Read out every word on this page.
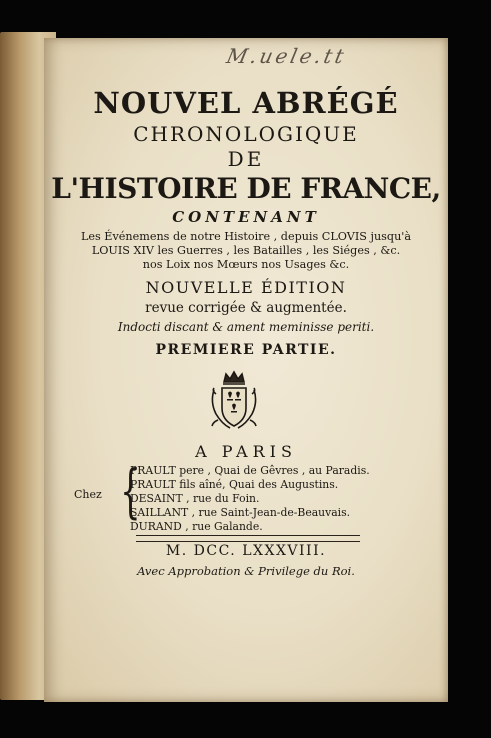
M.uele.tt
NOUVEL ABRÉGÉ
CHRONOLOGIQUE
DE
L'HISTOIRE DE FRANCE,
CONTENANT
Les Événemens de notre Histoire , depuis CLOVIS jusqu'à
LOUIS XIV les Guerres , les Batailles , les Siéges , &c.
nos Loix nos Mœurs nos Usages &c.
NOUVELLE ÉDITION
revue corrigée & augmentée.
Indocti discant & ament meminisse periti.
PREMIERE PARTIE.
A PARIS
Chez {
PRAULT pere , Quai de Gêvres , au Paradis.
PRAULT fils aîné, Quai des Augustins.
DESAINT , rue du Foin.
SAILLANT , rue Saint-Jean-de-Beauvais.
DURAND , rue Galande.
M. DCC. LXXXVIII.
Avec Approbation & Privilege du Roi.
